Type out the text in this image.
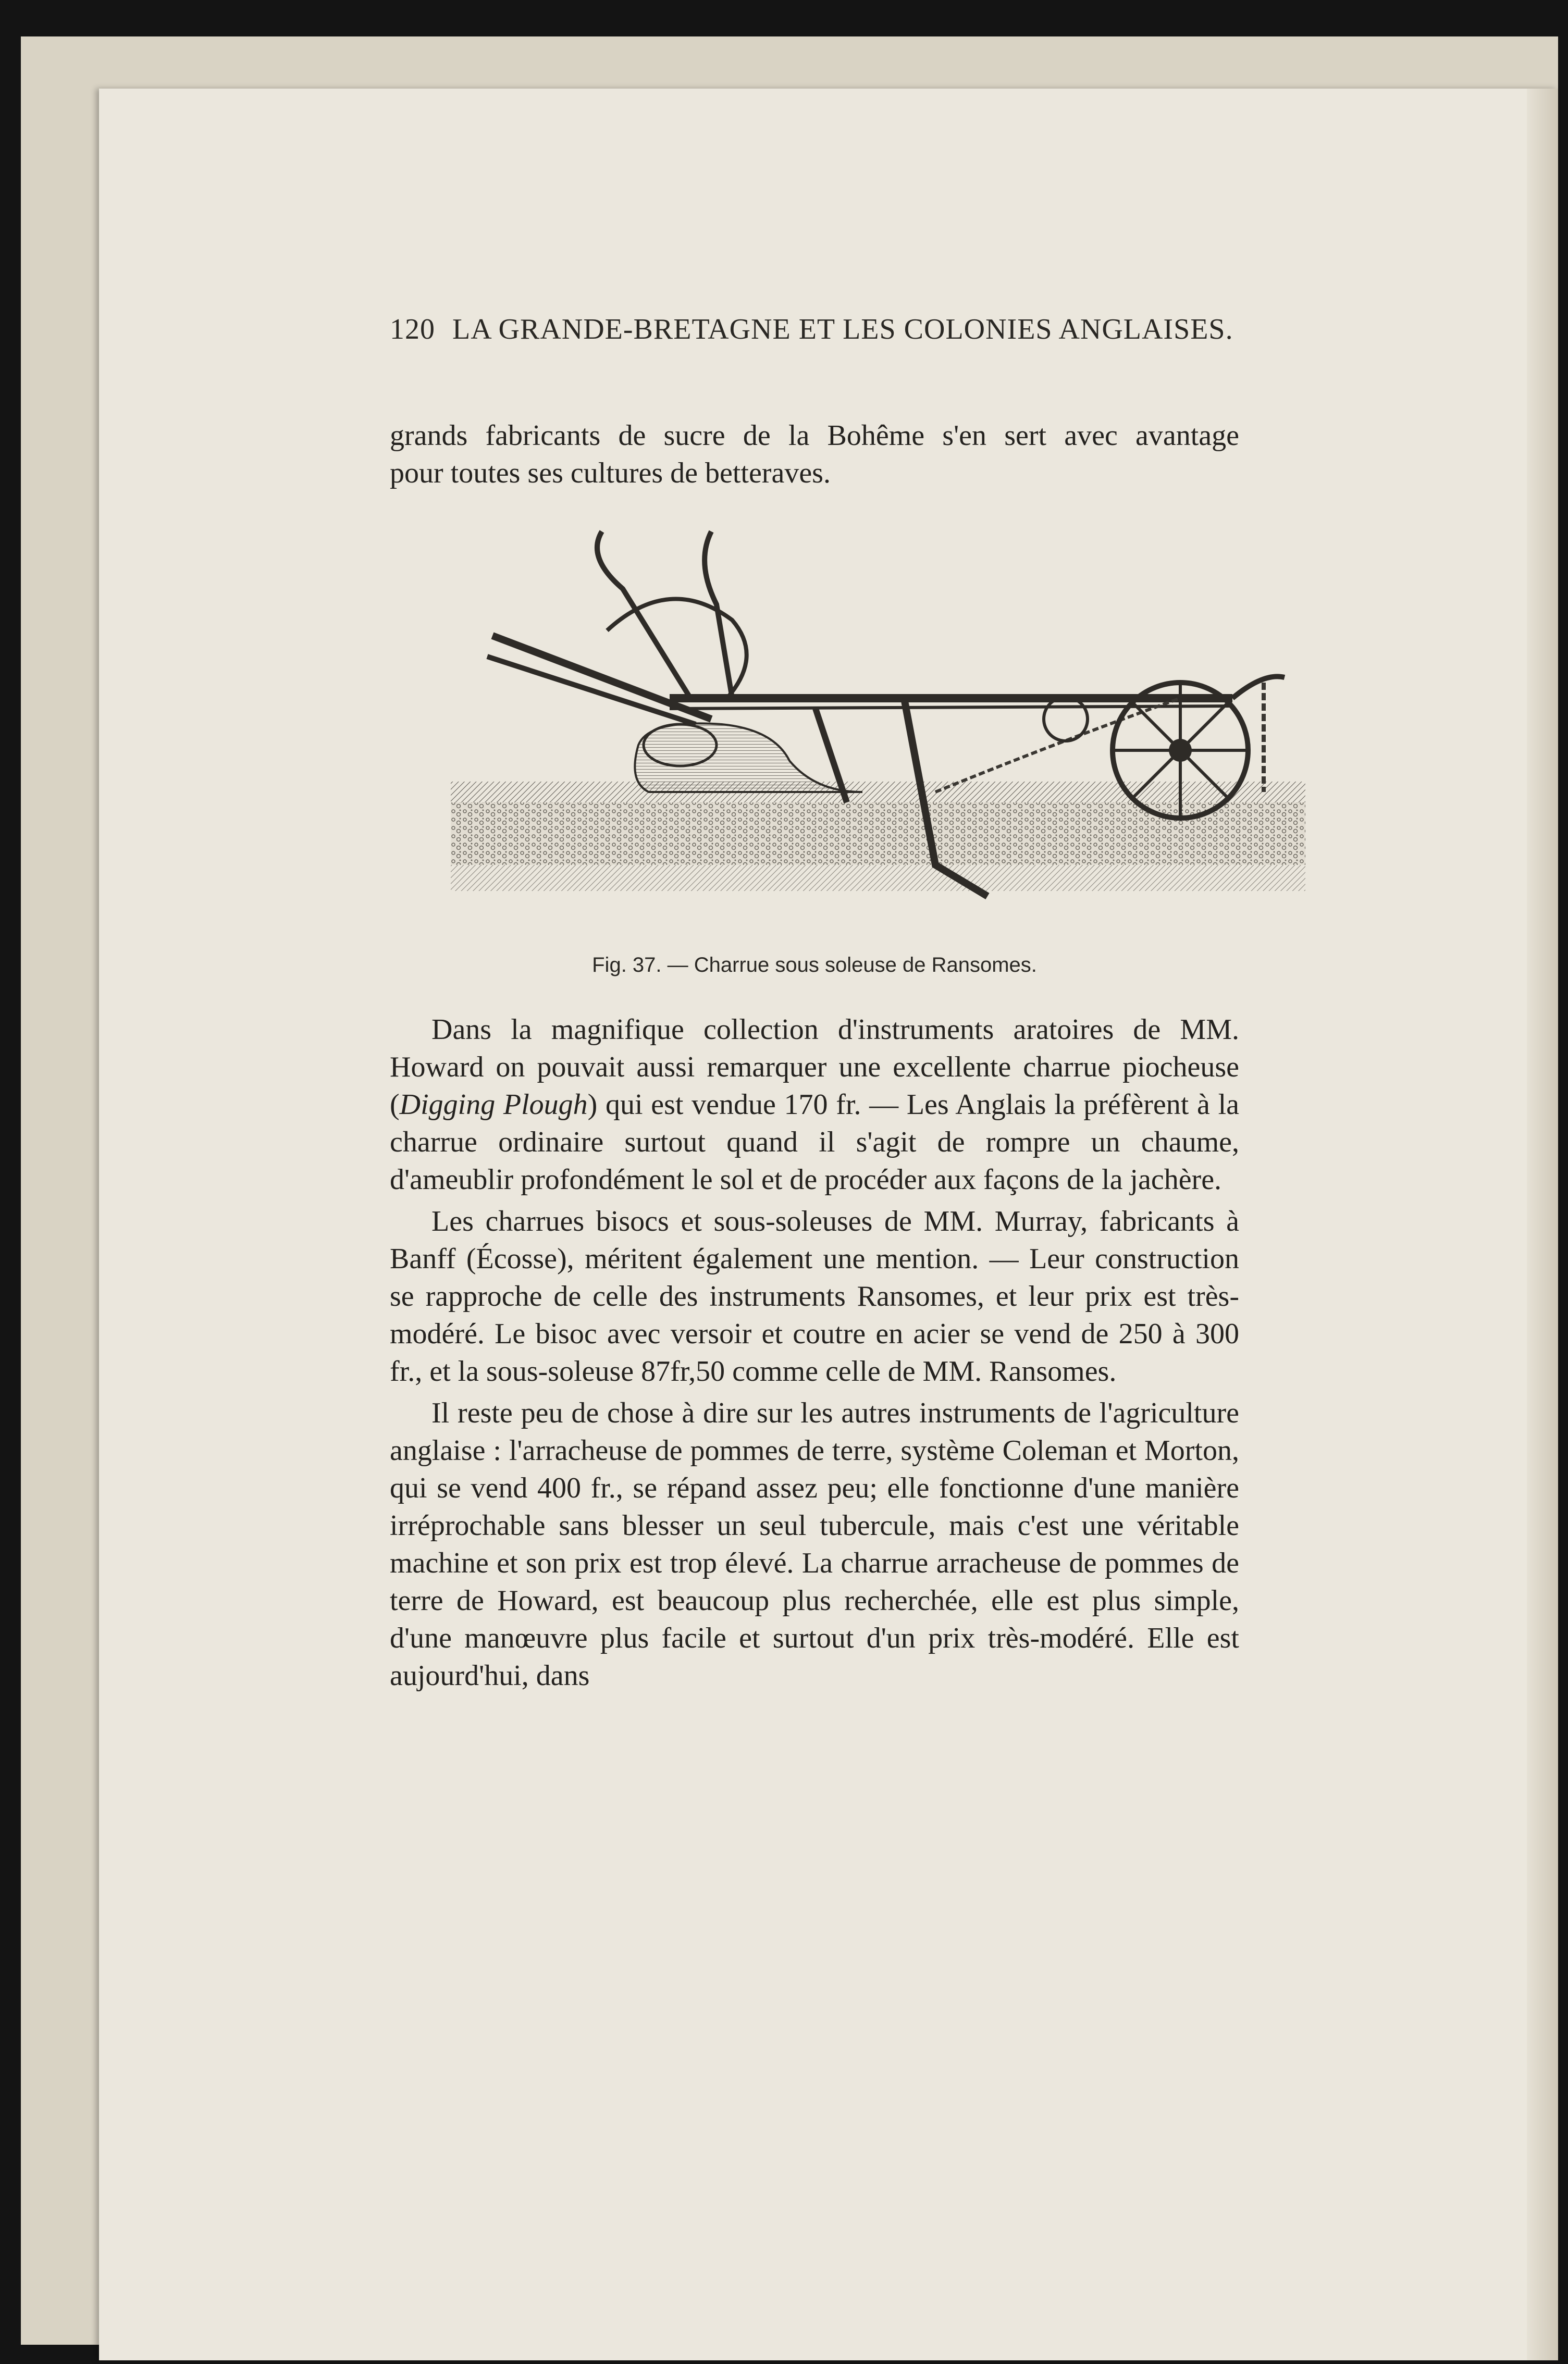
120 LA GRANDE-BRETAGNE ET LES COLONIES ANGLAISES.

grands fabricants de sucre de la Bohême s'en sert avec avantage

pour toutes ses cultures de betteraves.

Fig. 37. — Charrue sous soleuse de Ransomes.

Dans la magnifique collection d'instruments aratoires de MM. Howard on pouvait aussi remarquer une excellente charrue piocheuse (Digging Plough) qui est vendue 170 fr. — Les Anglais la préfèrent à la charrue ordinaire surtout quand il s'agit de rompre un chaume, d'ameublir profondément le sol et de procéder aux façons de la jachère.

Les charrues bisocs et sous-soleuses de MM. Murray, fabricants à Banff (Écosse), méritent également une mention. — Leur construction se rapproche de celle des instruments Ransomes, et leur prix est très-modéré. Le bisoc avec versoir et coutre en acier se vend de 250 à 300 fr., et la sous-soleuse 87fr,50 comme celle de MM. Ransomes.

Il reste peu de chose à dire sur les autres instruments de l'agriculture anglaise : l'arracheuse de pommes de terre, système Coleman et Morton, qui se vend 400 fr., se répand assez peu; elle fonctionne d'une manière irréprochable sans blesser un seul tubercule, mais c'est une véritable machine et son prix est trop élevé. La charrue arracheuse de pommes de terre de Howard, est beaucoup plus recherchée, elle est plus simple, d'une manœuvre plus facile et surtout d'un prix très-modéré. Elle est aujourd'hui, dans
